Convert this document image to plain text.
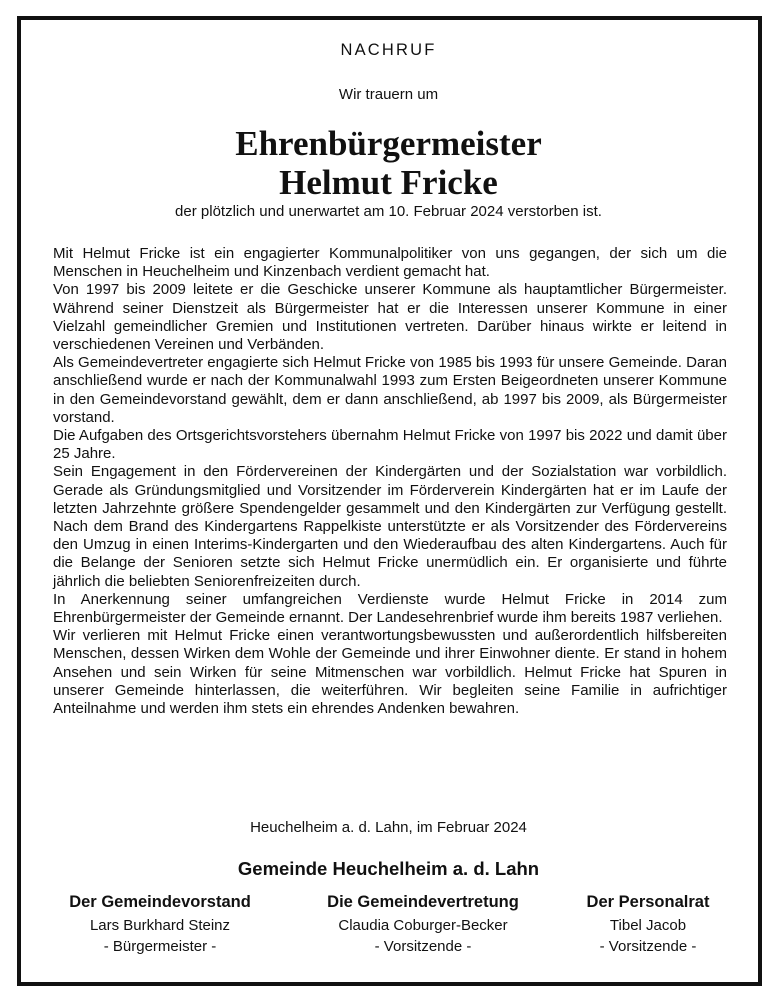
NACHRUF
Wir trauern um
Ehrenbürgermeister
Helmut Fricke
der plötzlich und unerwartet am 10. Februar 2024 verstorben ist.

Mit Helmut Fricke ist ein engagierter Kommunalpolitiker von uns gegangen, der sich um die Menschen in Heuchelheim und Kinzenbach verdient gemacht hat.

Von 1997 bis 2009 leitete er die Geschicke unserer Kommune als hauptamtlicher Bürgermeister. Während seiner Dienstzeit als Bürgermeister hat er die Interessen unserer Kommune in einer Vielzahl gemeindlicher Gremien und Institutionen vertreten. Darüber hinaus wirkte er leitend in verschiedenen Vereinen und Verbänden.

Als Gemeindevertreter engagierte sich Helmut Fricke von 1985 bis 1993 für unsere Gemeinde. Daran anschließend wurde er nach der Kommunalwahl 1993 zum Ersten Beigeordneten unserer Kommune in den Gemeindevorstand gewählt, dem er dann anschließend, ab 1997 bis 2009, als Bürgermeister vorstand.

Die Aufgaben des Ortsgerichtsvorstehers übernahm Helmut Fricke von 1997 bis 2022 und damit über 25 Jahre.

Sein Engagement in den Fördervereinen der Kindergärten und der Sozialstation war vorbildlich. Gerade als Gründungsmitglied und Vorsitzender im Förderverein Kindergärten hat er im Laufe der letzten Jahrzehnte größere Spendengelder gesammelt und den Kindergärten zur Verfügung gestellt. Nach dem Brand des Kindergartens Rappelkiste unterstützte er als Vorsitzender des Fördervereins den Umzug in einen Interims-Kindergarten und den Wiederaufbau des alten Kindergartens. Auch für die Belange der Senioren setzte sich Helmut Fricke unermüdlich ein. Er organisierte und führte jährlich die beliebten Seniorenfreizeiten durch.

In Anerkennung seiner umfangreichen Verdienste wurde Helmut Fricke in 2014 zum Ehrenbürgermeister der Gemeinde ernannt. Der Landesehrenbrief wurde ihm bereits 1987 verliehen.

Wir verlieren mit Helmut Fricke einen verantwortungsbewussten und außerordentlich hilfsbereiten Menschen, dessen Wirken dem Wohle der Gemeinde und ihrer Einwohner diente. Er stand in hohem Ansehen und sein Wirken für seine Mitmenschen war vorbildlich. Helmut Fricke hat Spuren in unserer Gemeinde hinterlassen, die weiterführen. Wir begleiten seine Familie in aufrichtiger Anteilnahme und werden ihm stets ein ehrendes Andenken bewahren.

Heuchelheim a. d. Lahn, im Februar 2024
Gemeinde Heuchelheim a. d. Lahn
Der Gemeindevorstand
Lars Burkhard Steinz
- Bürgermeister -
Die Gemeindevertretung
Claudia Coburger-Becker
- Vorsitzende -
Der Personalrat
Tibel Jacob
- Vorsitzende -
